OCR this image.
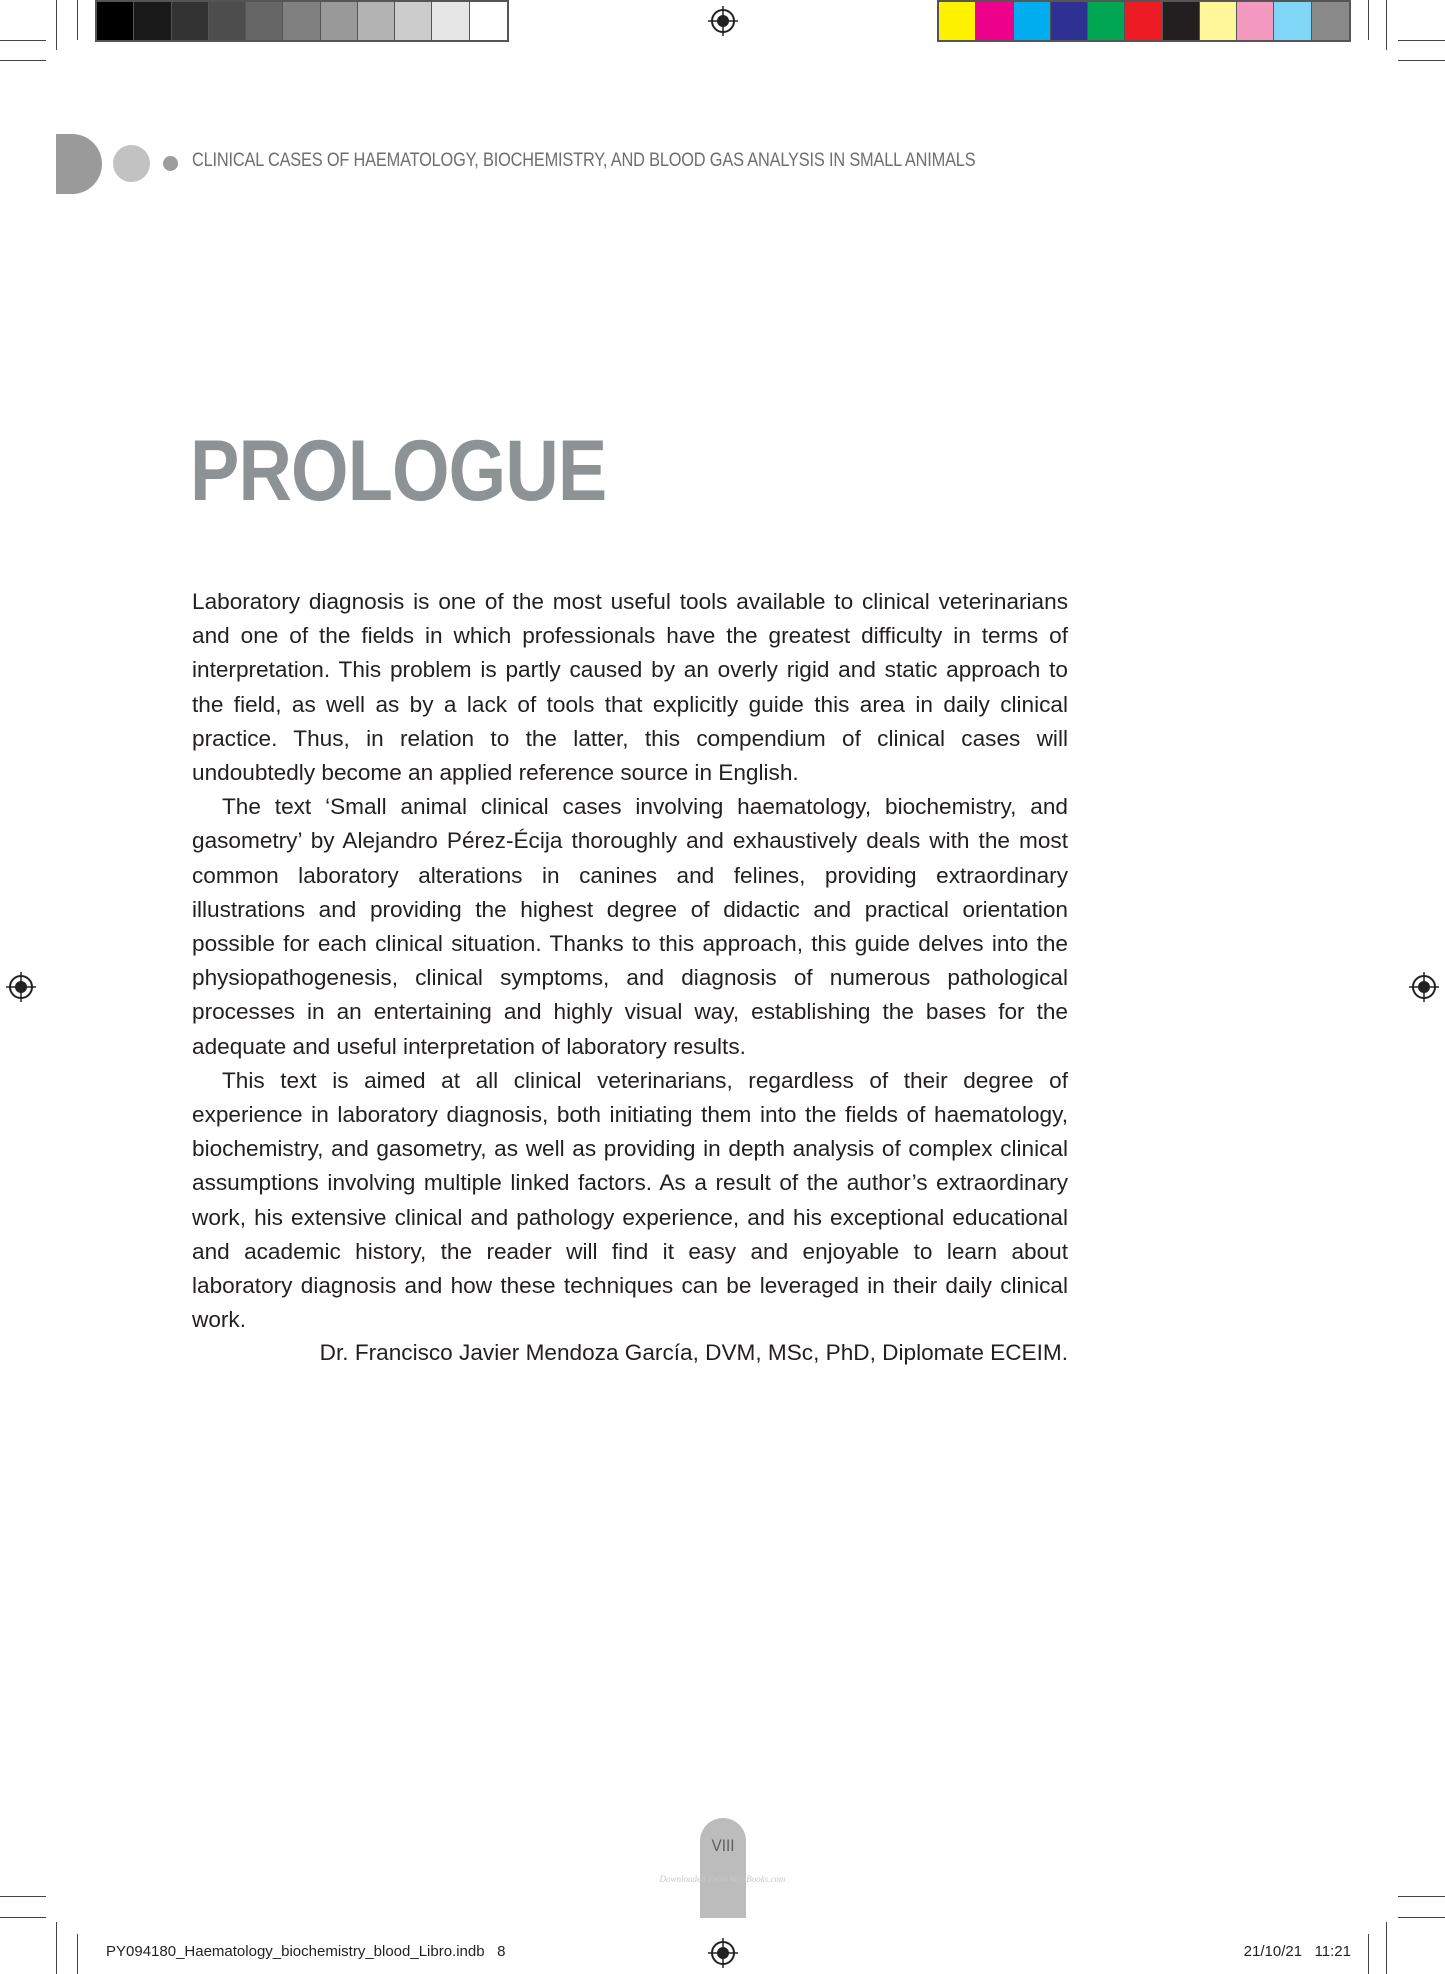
CLINICAL CASES OF HAEMATOLOGY, BIOCHEMISTRY, AND BLOOD GAS ANALYSIS IN SMALL ANIMALS
PROLOGUE

Laboratory diagnosis is one of the most useful tools available to clinical veterinarians and one of the fields in which professionals have the greatest difficulty in terms of interpretation. This problem is partly caused by an overly rigid and static approach to the field, as well as by a lack of tools that explicitly guide this area in daily clinical practice. Thus, in relation to the latter, this compendium of clinical cases will undoubtedly become an applied reference source in English.

The text ‘Small animal clinical cases involving haematology, biochemistry, and gasometry’ by Alejandro Pérez-Écija thoroughly and exhaustively deals with the most common laboratory alterations in canines and felines, providing extraordinary illustrations and providing the highest degree of didactic and practical orientation possible for each clinical situation. Thanks to this approach, this guide delves into the physiopathogenesis, clinical symptoms, and diagnosis of numerous pathological processes in an entertaining and highly visual way, establishing the bases for the adequate and useful interpretation of laboratory results.

This text is aimed at all clinical veterinarians, regardless of their degree of experience in laboratory diagnosis, both initiating them into the fields of haematology, biochemistry, and gasometry, as well as providing in depth analysis of complex clinical assumptions involving multiple linked factors. As a result of the author’s extraordinary work, his extensive clinical and pathology experience, and his exceptional educational and academic history, the reader will find it easy and enjoyable to learn about laboratory diagnosis and how these techniques can be leveraged in their daily clinical work.

Dr. Francisco Javier Mendoza García, DVM, MSc, PhD, Diplomate ECEIM.
VIII
Downloaded From VeeeBooks.com
PY094180_Haematology_biochemistry_blood_Libro.indb   8	21/10/21   11:21
